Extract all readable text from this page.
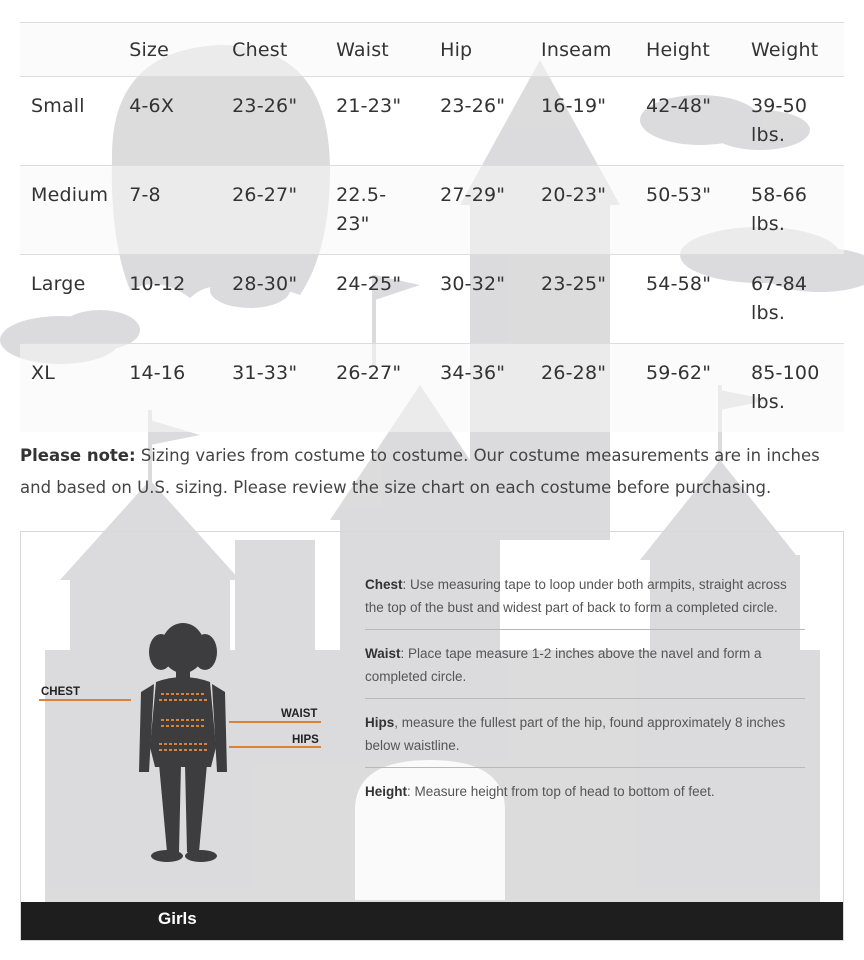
	Size	Chest	Waist	Hip	Inseam	Height	Weight
Small	4-6X	23-26"	21-23"	23-26"	16-19"	42-48"	39-50 lbs.
Medium	7-8	26-27"	22.5-23"	27-29"	20-23"	50-53"	58-66 lbs.
Large	10-12	28-30"	24-25"	30-32"	23-25"	54-58"	67-84 lbs.
XL	14-16	31-33"	26-27"	34-36"	26-28"	59-62"	85-100 lbs.

Please note: Sizing varies from costume to costume. Our costume measurements are in inches and based on U.S. sizing. Please review the size chart on each costume before purchasing.

CHEST
WAIST
HIPS

Chest: Use measuring tape to loop under both armpits, straight across the top of the bust and widest part of back to form a completed circle.

Waist: Place tape measure 1-2 inches above the navel and form a completed circle.

Hips, measure the fullest part of the hip, found approximately 8 inches below waistline.

Height: Measure height from top of head to bottom of feet.

Girls
